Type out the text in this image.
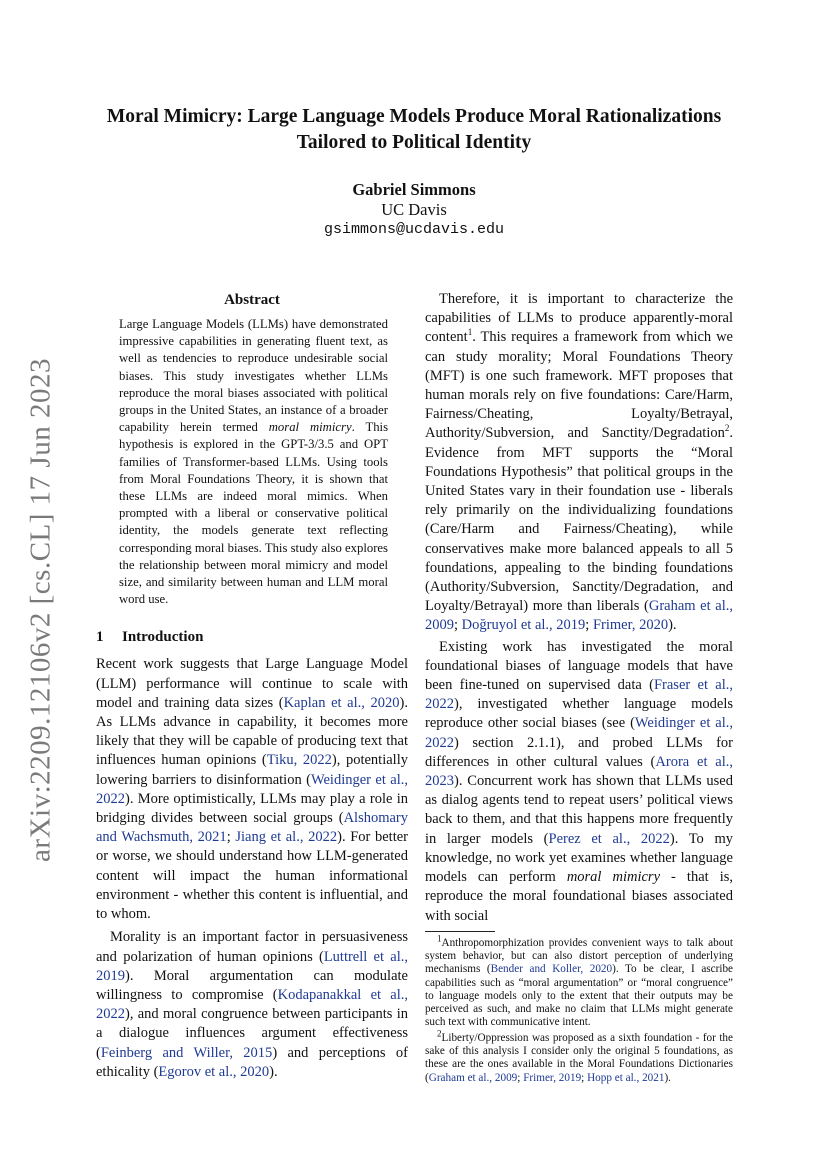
arXiv:2209.12106v2 [cs.CL] 17 Jun 2023
Moral Mimicry: Large Language Models Produce Moral Rationalizations
Tailored to Political Identity
Gabriel Simmons
UC Davis
gsimmons@ucdavis.edu
Abstract

Large Language Models (LLMs) have demonstrated impressive capabilities in generating fluent text, as well as tendencies to reproduce undesirable social biases. This study investigates whether LLMs reproduce the moral biases associated with political groups in the United States, an instance of a broader capability herein termed moral mimicry. This hypothesis is explored in the GPT-3/3.5 and OPT families of Transformer-based LLMs. Using tools from Moral Foundations Theory, it is shown that these LLMs are indeed moral mimics. When prompted with a liberal or conservative political identity, the models generate text reflecting corresponding moral biases. This study also explores the relationship between moral mimicry and model size, and similarity between human and LLM moral word use.

1 Introduction

Recent work suggests that Large Language Model (LLM) performance will continue to scale with model and training data sizes (Kaplan et al., 2020). As LLMs advance in capability, it becomes more likely that they will be capable of producing text that influences human opinions (Tiku, 2022), potentially lowering barriers to disinformation (Weidinger et al., 2022). More optimistically, LLMs may play a role in bridging divides between social groups (Alshomary and Wachsmuth, 2021; Jiang et al., 2022). For better or worse, we should understand how LLM-generated content will impact the human informational environment - whether this content is influential, and to whom.

Morality is an important factor in persuasiveness and polarization of human opinions (Luttrell et al., 2019). Moral argumentation can modulate willingness to compromise (Kodapanakkal et al., 2022), and moral congruence between participants in a dialogue influences argument effectiveness (Feinberg and Willer, 2015) and perceptions of ethicality (Egorov et al., 2020).

Therefore, it is important to characterize the capabilities of LLMs to produce apparently-moral content$^1$. This requires a framework from which we can study morality; Moral Foundations Theory (MFT) is one such framework. MFT proposes that human morals rely on five foundations: Care/Harm, Fairness/Cheating, Loyalty/Betrayal, Authority/Subversion, and Sanctity/Degradation$^2$. Evidence from MFT supports the “Moral Foundations Hypothesis” that political groups in the United States vary in their foundation use - liberals rely primarily on the individualizing foundations (Care/Harm and Fairness/Cheating), while conservatives make more balanced appeals to all 5 foundations, appealing to the binding foundations (Authority/Subversion, Sanctity/Degradation, and Loyalty/Betrayal) more than liberals (Graham et al., 2009; Doğruyol et al., 2019; Frimer, 2020).

Existing work has investigated the moral foundational biases of language models that have been fine-tuned on supervised data (Fraser et al., 2022), investigated whether language models reproduce other social biases (see (Weidinger et al., 2022) section 2.1.1), and probed LLMs for differences in other cultural values (Arora et al., 2023). Concurrent work has shown that LLMs used as dialog agents tend to repeat users’ political views back to them, and that this happens more frequently in larger models (Perez et al., 2022). To my knowledge, no work yet examines whether language models can perform moral mimicry - that is, reproduce the moral foundational biases associated with social

$^1$Anthropomorphization provides convenient ways to talk about system behavior, but can also distort perception of underlying mechanisms (Bender and Koller, 2020). To be clear, I ascribe capabilities such as “moral argumentation” or “moral congruence” to language models only to the extent that their outputs may be perceived as such, and make no claim that LLMs might generate such text with communicative intent.

$^2$Liberty/Oppression was proposed as a sixth foundation - for the sake of this analysis I consider only the original 5 foundations, as these are the ones available in the Moral Foundations Dictionaries (Graham et al., 2009; Frimer, 2019; Hopp et al., 2021).
